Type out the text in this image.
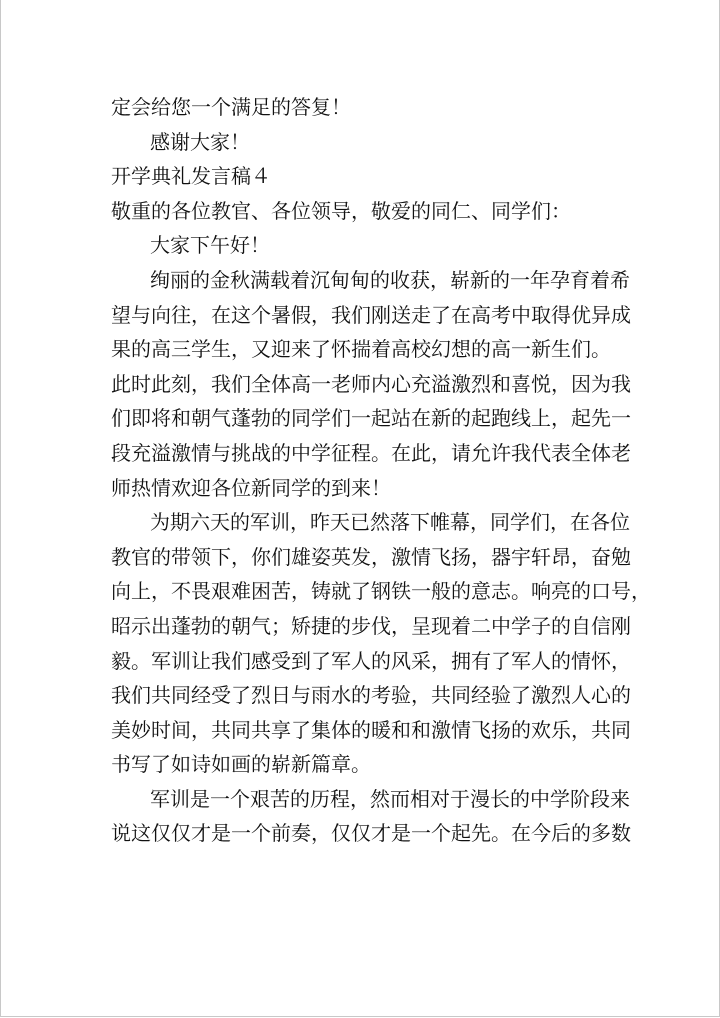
定会给您一个满足的答复！

感谢大家！

开学典礼发言稿４

敬重的各位教官、各位领导，敬爱的同仁、同学们：

大家下午好！

绚丽的金秋满载着沉甸甸的收获，崭新的一年孕育着希

望与向往，在这个暑假，我们刚送走了在高考中取得优异成

果的高三学生，又迎来了怀揣着高校幻想的高一新生们。

此时此刻，我们全体高一老师内心充溢激烈和喜悦，因为我

们即将和朝气蓬勃的同学们一起站在新的起跑线上，起先一

段充溢激情与挑战的中学征程。在此，请允许我代表全体老

师热情欢迎各位新同学的到来！

为期六天的军训，昨天已然落下帷幕，同学们，在各位

教官的带领下，你们雄姿英发，激情飞扬，器宇轩昂，奋勉

向上，不畏艰难困苦，铸就了钢铁一般的意志。响亮的口号，

昭示出蓬勃的朝气；矫捷的步伐，呈现着二中学子的自信刚

毅。军训让我们感受到了军人的风采，拥有了军人的情怀，

我们共同经受了烈日与雨水的考验，共同经验了激烈人心的

美妙时间，共同共享了集体的暖和和激情飞扬的欢乐，共同

书写了如诗如画的崭新篇章。

军训是一个艰苦的历程，然而相对于漫长的中学阶段来

说这仅仅才是一个前奏，仅仅才是一个起先。在今后的多数
